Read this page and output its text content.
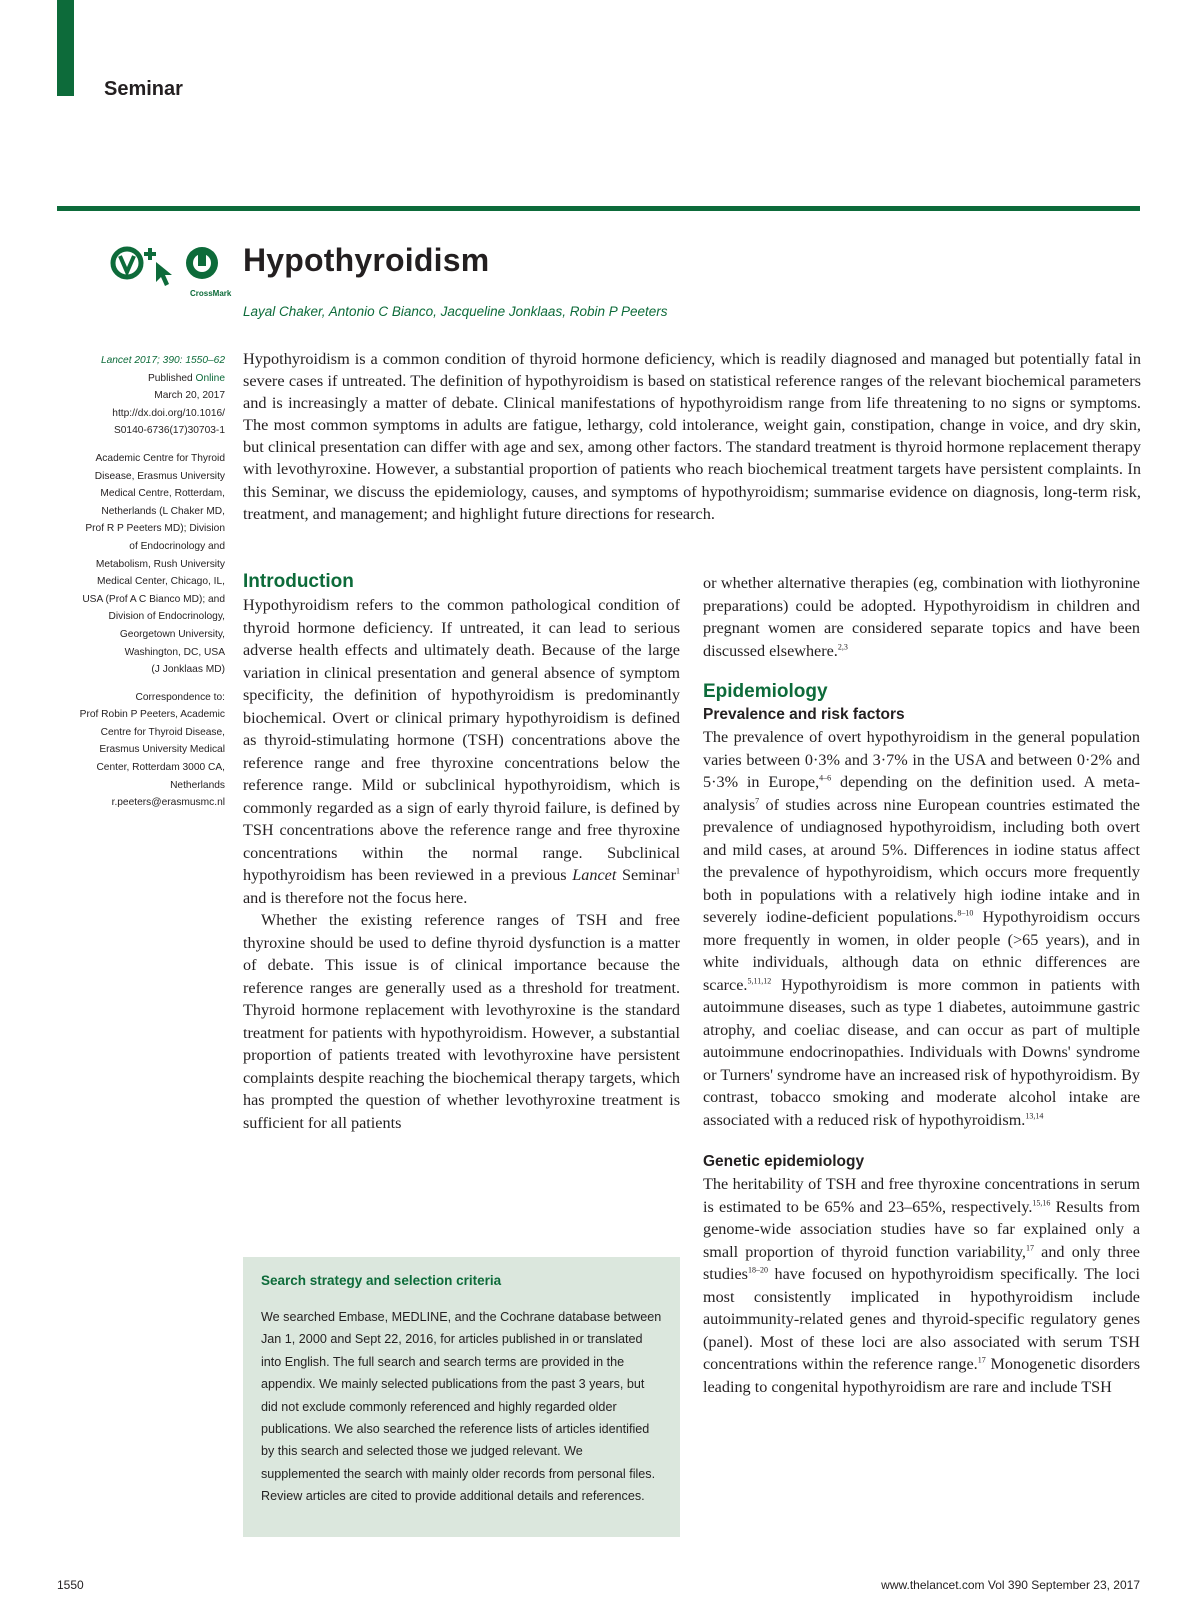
Seminar
CrossMark
Hypothyroidism
Layal Chaker, Antonio C Bianco, Jacqueline Jonklaas, Robin P Peeters
Lancet 2017; 390: 1550–62
Published Online
March 20, 2017
http://dx.doi.org/10.1016/
S0140-6736(17)30703-1
Academic Centre for Thyroid
Disease, Erasmus University
Medical Centre, Rotterdam,
Netherlands (L Chaker MD,
Prof R P Peeters MD); Division
of Endocrinology and
Metabolism, Rush University
Medical Center, Chicago, IL,
USA (Prof A C Bianco MD); and
Division of Endocrinology,
Georgetown University,
Washington, DC, USA
(J Jonklaas MD)
Correspondence to:
Prof Robin P Peeters, Academic
Centre for Thyroid Disease,
Erasmus University Medical
Center, Rotterdam 3000 CA,
Netherlands
r.peeters@erasmusmc.nl

Hypothyroidism is a common condition of thyroid hormone deficiency, which is readily diagnosed and managed but potentially fatal in severe cases if untreated. The definition of hypothyroidism is based on statistical reference ranges of the relevant biochemical parameters and is increasingly a matter of debate. Clinical manifestations of hypothyroidism range from life threatening to no signs or symptoms. The most common symptoms in adults are fatigue, lethargy, cold intolerance, weight gain, constipation, change in voice, and dry skin, but clinical presentation can differ with age and sex, among other factors. The standard treatment is thyroid hormone replacement therapy with levothyroxine. However, a substantial proportion of patients who reach biochemical treatment targets have persistent complaints. In this Seminar, we discuss the epidemiology, causes, and symptoms of hypothyroidism; summarise evidence on diagnosis, long-term risk, treatment, and management; and highlight future directions for research.

Introduction

Hypothyroidism refers to the common pathological condition of thyroid hormone deficiency. If untreated, it can lead to serious adverse health effects and ultimately death. Because of the large variation in clinical presentation and general absence of symptom specificity, the definition of hypothyroidism is predominantly biochemical. Overt or clinical primary hypothyroidism is defined as thyroid-stimulating hormone (TSH) concentrations above the reference range and free thyroxine concentrations below the reference range. Mild or subclinical hypothyroidism, which is commonly regarded as a sign of early thyroid failure, is defined by TSH concentrations above the reference range and free thyroxine concentrations within the normal range. Subclinical hypothyroidism has been reviewed in a previous Lancet Seminar$^1$ and is therefore not the focus here.

Whether the existing reference ranges of TSH and free thyroxine should be used to define thyroid dysfunction is a matter of debate. This issue is of clinical importance because the reference ranges are generally used as a threshold for treatment. Thyroid hormone replacement with levothyroxine is the standard treatment for patients with hypothyroidism. However, a substantial proportion of patients treated with levothyroxine have persistent complaints despite reaching the biochemical therapy targets, which has prompted the question of whether levothyroxine treatment is sufficient for all patients

Search strategy and selection criteria
We searched Embase, MEDLINE, and the Cochrane database between Jan 1, 2000 and Sept 22, 2016, for articles published in or translated into English. The full search and search terms are provided in the appendix. We mainly selected publications from the past 3 years, but did not exclude commonly referenced and highly regarded older publications. We also searched the reference lists of articles identified by this search and selected those we judged relevant. We supplemented the search with mainly older records from personal files. Review articles are cited to provide additional details and references.

or whether alternative therapies (eg, combination with liothyronine preparations) could be adopted. Hypothyroidism in children and pregnant women are considered separate topics and have been discussed elsewhere.$^{2,3}$

Epidemiology
Prevalence and risk factors

The prevalence of overt hypothyroidism in the general population varies between 0·3% and 3·7% in the USA and between 0·2% and 5·3% in Europe,$^{4-6}$ depending on the definition used. A meta-analysis$^7$ of studies across nine European countries estimated the prevalence of undiagnosed hypothyroidism, including both overt and mild cases, at around 5%. Differences in iodine status affect the prevalence of hypothyroidism, which occurs more frequently both in populations with a relatively high iodine intake and in severely iodine-deficient populations.$^{8-10}$ Hypothyroidism occurs more frequently in women, in older people (>65 years), and in white individuals, although data on ethnic differences are scarce.$^{5,11,12}$ Hypothyroidism is more common in patients with autoimmune diseases, such as type 1 diabetes, autoimmune gastric atrophy, and coeliac disease, and can occur as part of multiple autoimmune endocrinopathies. Individuals with Downs' syndrome or Turners' syndrome have an increased risk of hypothyroidism. By contrast, tobacco smoking and moderate alcohol intake are associated with a reduced risk of hypothyroidism.$^{13,14}$

Genetic epidemiology

The heritability of TSH and free thyroxine concentrations in serum is estimated to be 65% and 23–65%, respectively.$^{15,16}$ Results from genome-wide association studies have so far explained only a small proportion of thyroid function variability,$^{17}$ and only three studies$^{18-20}$ have focused on hypothyroidism specifically. The loci most consistently implicated in hypothyroidism include autoimmunity-related genes and thyroid-specific regulatory genes (panel). Most of these loci are also associated with serum TSH concentrations within the reference range.$^{17}$ Monogenetic disorders leading to congenital hypothyroidism are rare and include TSH

1550	www.thelancet.com Vol 390 September 23, 2017
